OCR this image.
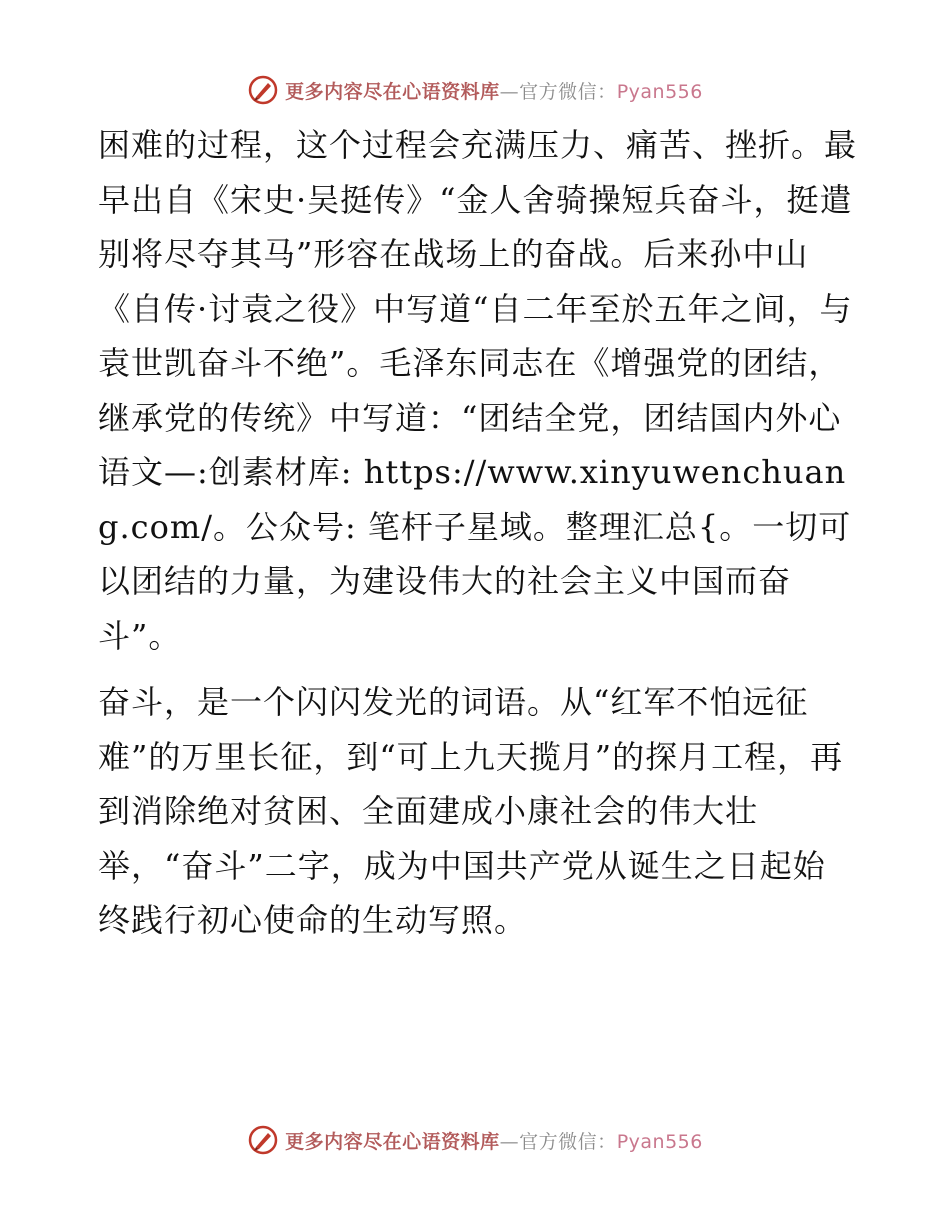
更多内容尽在心语资料库—官方微信：Pyan556

困难的过程，这个过程会充满压力、痛苦、挫折。最早出自《宋史·吴挺传》“金人舍骑操短兵奋斗，挺遣别将尽夺其马”形容在战场上的奋战。后来孙中山《自传·讨袁之役》中写道“自二年至於五年之间，与袁世凯奋斗不绝”。毛泽东同志在《增强党的团结，继承党的传统》中写道：“团结全党，团结国内外心语文—:创素材库: https://www.xinyuwenchuang.com/。公众号: 笔杆子星域。整理汇总{。一切可以团结的力量，为建设伟大的社会主义中国而奋斗”。

奋斗，是一个闪闪发光的词语。从“红军不怕远征难”的万里长征，到“可上九天揽月”的探月工程，再到消除绝对贫困、全面建成小康社会的伟大壮举，“奋斗”二字，成为中国共产党从诞生之日起始终践行初心使命的生动写照。

更多内容尽在心语资料库—官方微信：Pyan556
